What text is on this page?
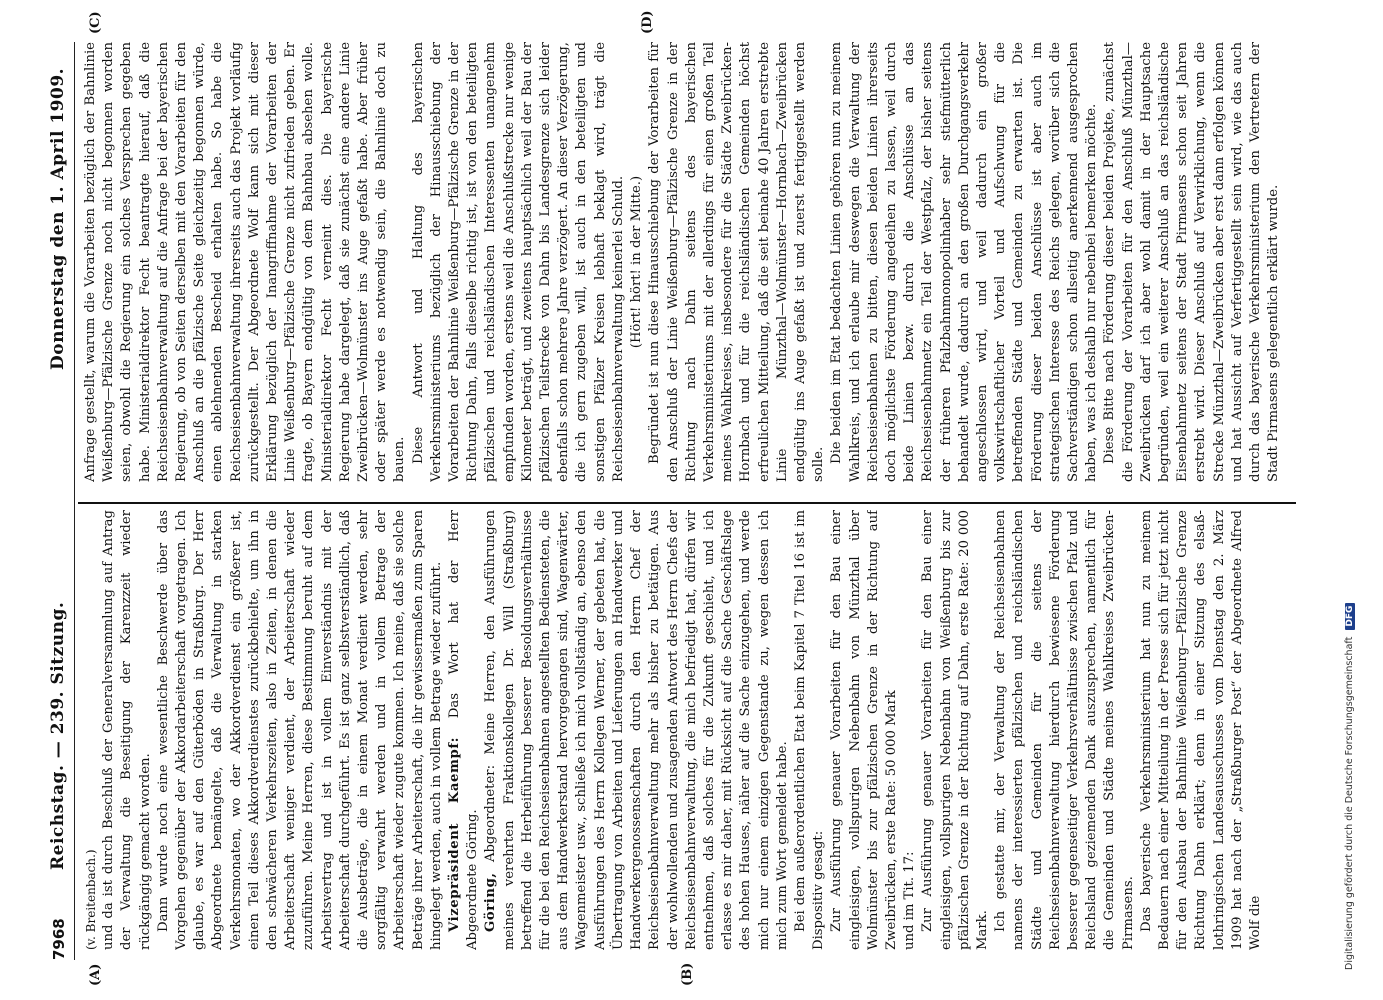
7968
Reichstag. — 239. Sitzung.
Donnerstag den 1. April 1909.
(A)	(B)
(C)	(D)

(v. Breitenbach.) und da ist durch Beschluß der Generalversammlung auf Antrag der Verwaltung die Beseitigung der Karenzzeit wieder rückgängig gemacht worden. Dann wurde noch eine wesentliche Beschwerde über das Vorgehen gegenüber der Akkordarbeiterschaft vorgetragen. Ich glaube, es war auf den Güterböden in Straßburg. Der Herr Abgeordnete bemängelte, daß die Verwaltung in starken Verkehrsmonaten, wo der Akkordverdienst ein größerer ist, einen Teil dieses Akkordverdienstes zurückbehielte, um ihn in den schwächeren Verkehrszeiten, also in Zeiten, in denen die Arbeiterschaft weniger verdient, der Arbeiterschaft wieder zuzuführen. Meine Herren, diese Bestimmung beruht auf dem Arbeitsvertrag und ist in vollem Einverständnis mit der Arbeiterschaft durchgeführt. Es ist ganz selbstverständlich, daß die Ausbeträge, die in einem Monat verdient werden, sehr sorgfältig verwahrt werden und in vollem Betrage der Arbeiterschaft wieder zugute kommen. Ich meine, daß sie solche Beträge ihrer Arbeiterschaft, die ihr gewissermaßen zum Sparen hingelegt werden, auch in vollem Betrage wieder zuführt. Vizepräsident Kaempf: Das Wort hat der Herr Abgeordnete Göring. Göring, Abgeordneter: Meine Herren, den Ausführungen meines verehrten Fraktionskollegen Dr. Will (Straßburg) betreffend die Herbeiführung besserer Besoldungsverhältnisse für die bei den Reichseisenbahnen angestellten Bediensteten, die aus dem Handwerkerstand hervorgegangen sind, Wagenwärter, Wagenmeister usw., schließe ich mich vollständig an, ebenso den Ausführungen des Herrn Kollegen Werner, der gebeten hat, die Übertragung von Arbeiten und Lieferungen an Handwerker und Handwerkergenossenschaften durch den Herrn Chef der Reichseisenbahnverwaltung mehr als bisher zu betätigen. Aus der wohlwollenden und zusagenden Antwort des Herrn Chefs der Reichseisenbahnverwaltung, die mich befriedigt hat, dürfen wir entnehmen, daß solches für die Zukunft geschieht, und ich erlasse es mir daher, mit Rücksicht auf die Sache Geschäftslage des hohen Hauses, näher auf die Sache einzugehen, und werde mich nur einem einzigen Gegenstande zu, wegen dessen ich mich zum Wort gemeldet habe. Bei dem außerordentlichen Etat beim Kapitel 7 Titel 16 ist im Dispositiv gesagt: Zur Ausführung genauer Vorarbeiten für den Bau einer eingleisigen, vollspurigen Nebenbahn von Münzthal über Wolmünster bis zur pfälzischen Grenze in der Richtung auf Zweibrücken, erste Rate: 50 000 Mark und im Tit. 17: Zur Ausführung genauer Vorarbeiten für den Bau einer eingleisigen, vollspurigen Nebenbahn von Weißenburg bis zur pfälzischen Grenze in der Richtung auf Dahn, erste Rate: 20 000 Mark. Ich gestatte mir, der Verwaltung der Reichseisenbahnen namens der interessierten pfälzischen und reichsländischen Städte und Gemeinden für die seitens der Reichseisenbahnverwaltung hierdurch bewiesene Förderung besserer gegenseitiger Verkehrsverhältnisse zwischen Pfalz und Reichsland geziemenden Dank auszusprechen, namentlich für die Gemeinden und Städte meines Wahlkreises Zweibrücken-Pirmasens. Das bayerische Verkehrsministerium hat nun zu meinem Bedauern nach einer Mitteilung in der Presse sich für jetzt nicht für den Ausbau der Bahnlinie Weißenburg—Pfälzische Grenze Richtung Dahn erklärt; denn in einer Sitzung des elsaß-lothringischen Landesausschusses vom Dienstag den 2. März 1909 hat nach der „Straßburger Post“ der Abgeordnete Alfred Wolf die

Anfrage gestellt, warum die Vorarbeiten bezüglich der Bahnlinie Weißenburg—Pfälzische Grenze noch nicht begonnen worden seien, obwohl die Regierung ein solches Versprechen gegeben habe. Ministerialdirektor Fecht beantragte hierauf, daß die Reichseisenbahnverwaltung auf die Anfrage bei der bayerischen Regierung, ob von Seiten derselben mit den Vorarbeiten für den Anschluß an die pfälzische Seite gleichzeitig begonnen würde, einen ablehnenden Bescheid erhalten habe. So habe die Reichseisenbahnverwaltung ihrerseits auch das Projekt vorläufig zurückgestellt. Der Abgeordnete Wolf kann sich mit dieser Erklärung bezüglich der Inangriffnahme der Vorarbeiten der Linie Weißenburg—Pfälzische Grenze nicht zufrieden geben. Er fragte, ob Bayern endgültig von dem Bahnbau absehen wolle. Ministerialdirektor Fecht verneint dies. Die bayerische Regierung habe dargelegt, daß sie zunächst eine andere Linie Zweibrücken—Wolmünster ins Auge gefaßt habe. Aber früher oder später werde es notwendig sein, die Bahnlinie doch zu bauen. Diese Antwort und Haltung des bayerischen Verkehrsministeriums bezüglich der Hinausschiebung der Vorarbeiten der Bahnlinie Weißenburg—Pfälzische Grenze in der Richtung Dahn, falls dieselbe richtig ist, ist von den beteiligten pfälzischen und reichsländischen Interessenten unangenehm empfunden worden, erstens weil die Anschlußstrecke nur wenige Kilometer beträgt, und zweitens hauptsächlich weil der Bau der pfälzischen Teilstrecke von Dahn bis Landesgrenze sich leider ebenfalls schon mehrere Jahre verzögert. An dieser Verzögerung, die ich gern zugeben will, ist auch in den beteiligten und sonstigen Pfälzer Kreisen lebhaft beklagt wird, trägt die Reichseisenbahnverwaltung keinerlei Schuld. (Hört! hört! in der Mitte.) Begründet ist nun diese Hinausschiebung der Vorarbeiten für den Anschluß der Linie Weißenburg—Pfälzische Grenze in der Richtung nach Dahn seitens des bayerischen Verkehrsministeriums mit der allerdings für einen großen Teil meines Wahlkreises, insbesondere für die Städte Zweibrücken-Hornbach und für die reichsländischen Gemeinden höchst erfreulichen Mitteilung, daß die seit beinahe 40 Jahren erstrebte Linie Münzthal—Wolmünster—Hornbach—Zweibrücken endgültig ins Auge gefaßt ist und zuerst fertiggestellt werden solle.

Die beiden im Etat bedachten Linien gehören nun zu meinem Wahlkreis, und ich erlaube mir deswegen die Verwaltung der Reichseisenbahnen zu bitten, diesen beiden Linien ihrerseits doch möglichste Förderung angedeihen zu lassen, weil durch beide Linien bezw. durch die Anschlüsse an das Reichseisenbahnnetz ein Teil der Westpfalz, der bisher seitens der früheren Pfalzbahnmonopolinhaber sehr stiefmütterlich behandelt wurde, dadurch an den großen Durchgangsverkehr angeschlossen wird, und weil dadurch ein großer volkswirtschaftlicher Vorteil und Aufschwung für die betreffenden Städte und Gemeinden zu erwarten ist. Die Förderung dieser beiden Anschlüsse ist aber auch im strategischen Interesse des Reichs gelegen, worüber sich die Sachverständigen schon allseitig anerkennend ausgesprochen haben, was ich deshalb nur nebenbei bemerken möchte. Diese Bitte nach Förderung dieser beiden Projekte, zunächst die Förderung der Vorarbeiten für den Anschluß Münzthal—Zweibrücken darf ich aber wohl damit in der Hauptsache begründen, weil ein weiterer Anschluß an das reichsländische Eisenbahnnetz seitens der Stadt Pirmasens schon seit Jahren erstrebt wird. Dieser Anschluß auf Verwirklichung, wenn die Strecke Münzthal—Zweibrücken aber erst dann erfolgen können und hat Aussicht auf Verfertiggestellt sein wird, wie das auch durch das bayerische Verkehrsministerium den Vertretern der Stadt Pirmasens gelegentlich erklärt wurde.

Digitalisierung gefördert durch die Deutsche Forschungsgemeinschaft DFG
